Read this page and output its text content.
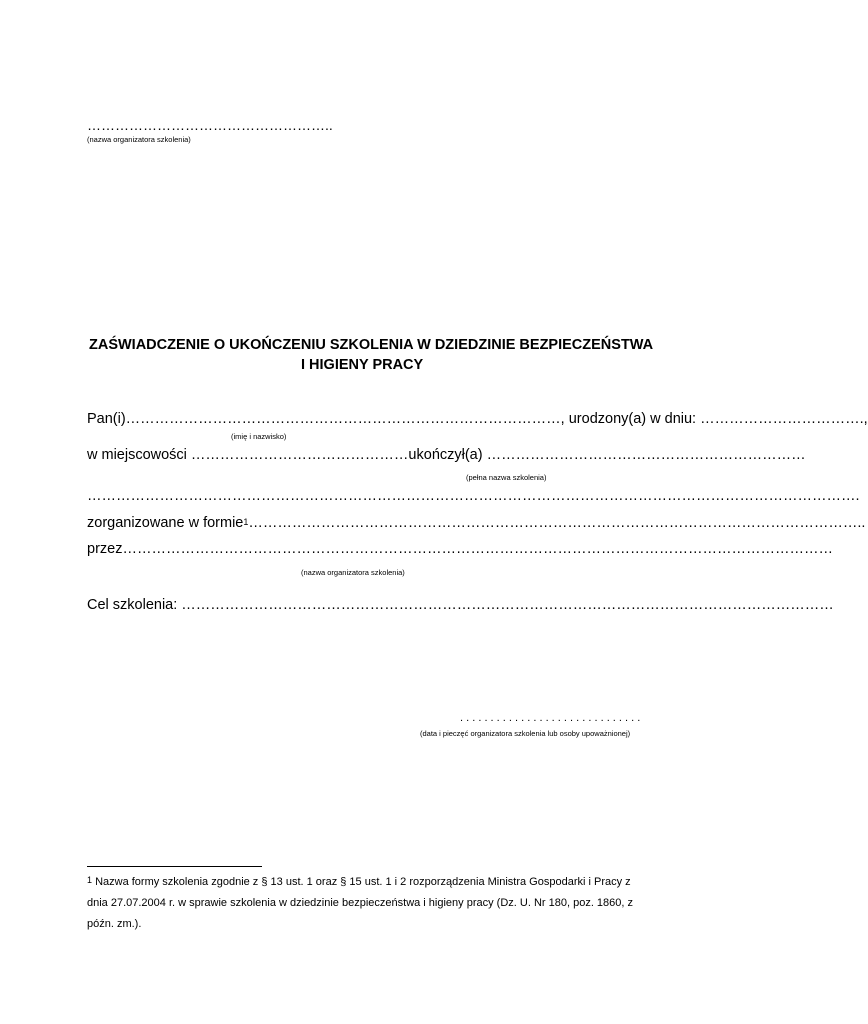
……………………………………………..
(nazwa organizatora szkolenia)
ZAŚWIADCZENIE O UKOŃCZENIU SZKOLENIA W DZIEDZINIE BEZPIECZEŃSTWA
I HIGIENY PRACY
Pan(i)………………………………………………………………………………, urodzony(a) w dniu: …………………………….,
(imię i nazwisko)
w miejscowości ………………………………………ukończył(a) …………………………………………………………
(pełna nazwa szkolenia)
…………………………………………………………………………………………………………………………………………….
zorganizowane w formie$^1$………………………………………………………………………………………………………………..
przez…………………………………………………………………………………………………………………………………
(nazwa organizatora szkolenia)
Cel szkolenia: ………………………………………………………………………………………………………………………
. . . . . . . . . . . . . . . . . . . . . . . . . . . . . .
(data i pieczęć organizatora szkolenia lub osoby upoważnionej)
$^1$ Nazwa formy szkolenia zgodnie z § 13 ust. 1 oraz § 15 ust. 1 i 2 rozporządzenia Ministra Gospodarki i Pracy z dnia 27.07.2004 r. w sprawie szkolenia w dziedzinie bezpieczeństwa i higieny pracy (Dz. U. Nr 180, poz. 1860, z późn. zm.).
